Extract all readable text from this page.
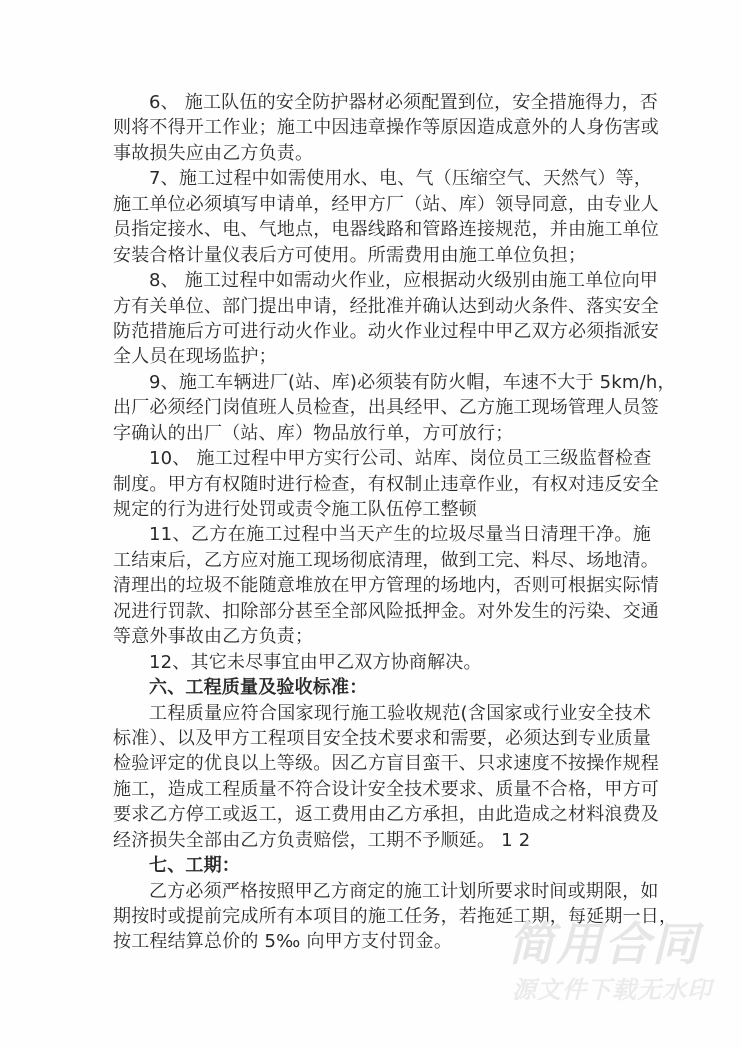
6、 施工队伍的安全防护器材必须配置到位，安全措施得力，否
则将不得开工作业；施工中因违章操作等原因造成意外的人身伤害或
事故损失应由乙方负责。
7、施工过程中如需使用水、电、气（压缩空气、天然气）等，
施工单位必须填写申请单，经甲方厂（站、库）领导同意，由专业人
员指定接水、电、气地点，电器线路和管路连接规范，并由施工单位
安装合格计量仪表后方可使用。所需费用由施工单位负担；
8、 施工过程中如需动火作业，应根据动火级别由施工单位向甲
方有关单位、部门提出申请，经批准并确认达到动火条件、落实安全
防范措施后方可进行动火作业。动火作业过程中甲乙双方必须指派安
全人员在现场监护；
9、施工车辆进厂(站、库)必须装有防火帽，车速不大于 5km/h，
出厂必须经门岗值班人员检查，出具经甲、乙方施工现场管理人员签
字确认的出厂（站、库）物品放行单，方可放行；
10、 施工过程中甲方实行公司、站库、岗位员工三级监督检查
制度。甲方有权随时进行检查，有权制止违章作业，有权对违反安全
规定的行为进行处罚或责令施工队伍停工整顿
11、乙方在施工过程中当天产生的垃圾尽量当日清理干净。施
工结束后，乙方应对施工现场彻底清理，做到工完、料尽、场地清。
清理出的垃圾不能随意堆放在甲方管理的场地内，否则可根据实际情
况进行罚款、扣除部分甚至全部风险抵押金。对外发生的污染、交通
等意外事故由乙方负责；
12、其它未尽事宜由甲乙双方协商解决。
六、工程质量及验收标准：
工程质量应符合国家现行施工验收规范(含国家或行业安全技术
标准）、以及甲方工程项目安全技术要求和需要，必须达到专业质量
检验评定的优良以上等级。因乙方盲目蛮干、只求速度不按操作规程
施工，造成工程质量不符合设计安全技术要求、质量不合格，甲方可
要求乙方停工或返工，返工费用由乙方承担，由此造成之材料浪费及
经济损失全部由乙方负责赔偿，工期不予顺延。 1 2
七、工期：
乙方必须严格按照甲乙方商定的施工计划所要求时间或期限，如
期按时或提前完成所有本项目的施工任务，若拖延工期，每延期一日，
按工程结算总价的 5‰ 向甲方支付罚金。	简用合同
源文件下载无水印
